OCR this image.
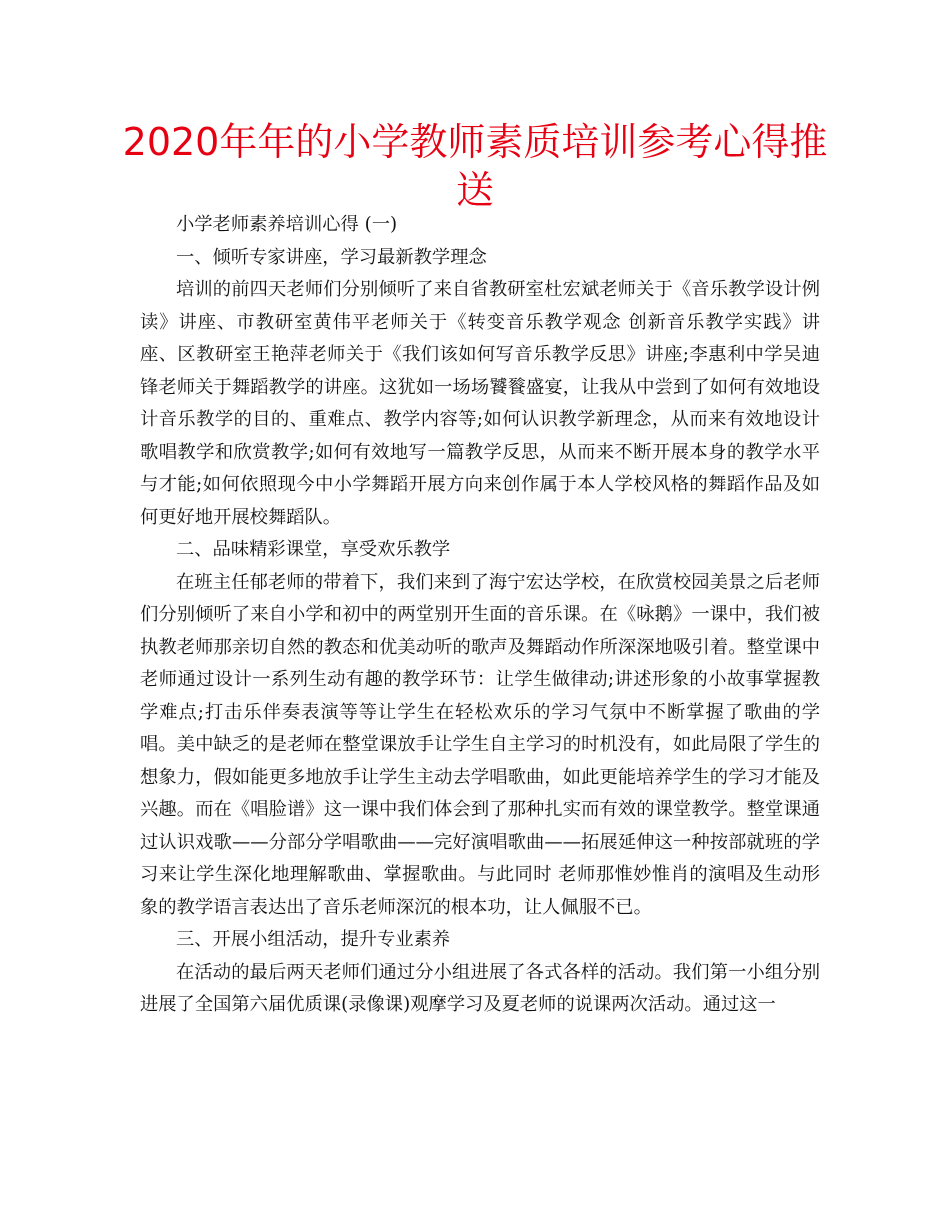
2020年年的小学教师素质培训参考心得推送

小学老师素养培训心得 (一)

一、倾听专家讲座，学习最新教学理念

培训的前四天老师们分别倾听了来自省教研室杜宏斌老师关于《音乐教学设计例读》讲座、市教研室黄伟平老师关于《转变音乐教学观念 创新音乐教学实践》讲座、区教研室王艳萍老师关于《我们该如何写音乐教学反思》讲座;李惠利中学吴迪锋老师关于舞蹈教学的讲座。这犹如一场场饕餮盛宴，让我从中尝到了如何有效地设计音乐教学的目的、重难点、教学内容等;如何认识教学新理念，从而来有效地设计歌唱教学和欣赏教学;如何有效地写一篇教学反思，从而来不断开展本身的教学水平与才能;如何依照现今中小学舞蹈开展方向来创作属于本人学校风格的舞蹈作品及如何更好地开展校舞蹈队。

二、品味精彩课堂，享受欢乐教学

在班主任郁老师的带着下，我们来到了海宁宏达学校，在欣赏校园美景之后老师们分别倾听了来自小学和初中的两堂别开生面的音乐课。在《咏鹅》一课中，我们被执教老师那亲切自然的教态和优美动听的歌声及舞蹈动作所深深地吸引着。整堂课中老师通过设计一系列生动有趣的教学环节：让学生做律动;讲述形象的小故事掌握教学难点;打击乐伴奏表演等等让学生在轻松欢乐的学习气氛中不断掌握了歌曲的学唱。美中缺乏的是老师在整堂课放手让学生自主学习的时机没有，如此局限了学生的想象力，假如能更多地放手让学生主动去学唱歌曲，如此更能培养学生的学习才能及兴趣。而在《唱脸谱》这一课中我们体会到了那种扎实而有效的课堂教学。整堂课通过认识戏歌——分部分学唱歌曲——完好演唱歌曲——拓展延伸这一种按部就班的学习来让学生深化地理解歌曲、掌握歌曲。与此同时 老师那惟妙惟肖的演唱及生动形象的教学语言表达出了音乐老师深沉的根本功，让人佩服不已。

三、开展小组活动，提升专业素养

在活动的最后两天老师们通过分小组进展了各式各样的活动。我们第一小组分别进展了全国第六届优质课(录像课)观摩学习及夏老师的说课两次活动。通过这一
